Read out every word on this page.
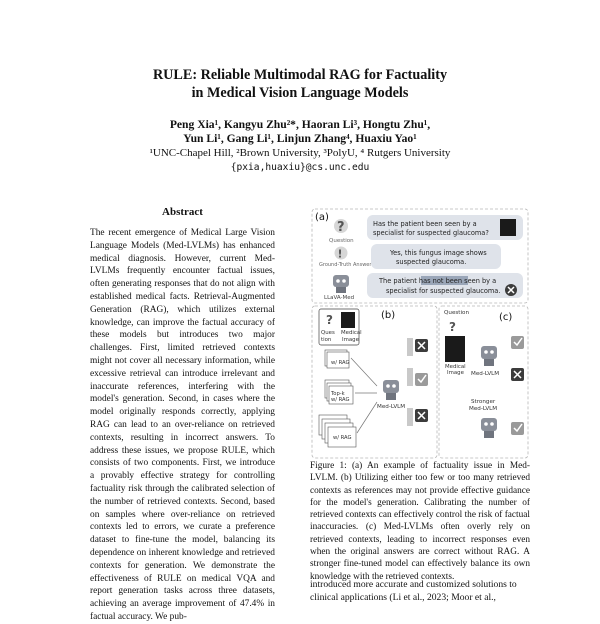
RULE: Reliable Multimodal RAG for Factuality
in Medical Vision Language Models
Peng Xia¹, Kangyu Zhu²*, Haoran Li³, Hongtu Zhu¹,
Yun Li¹, Gang Li¹, Linjun Zhang⁴, Huaxiu Yao¹
¹UNC-Chapel Hill, ²Brown University, ³PolyU, ⁴ Rutgers University
{pxia,huaxiu}@cs.unc.edu
Abstract
The recent emergence of Medical Large Vision Language Models (Med-LVLMs) has enhanced medical diagnosis. However, current Med-LVLMs frequently encounter factual issues, often generating responses that do not align with established medical facts. Retrieval-Augmented Generation (RAG), which utilizes external knowledge, can improve the factual accuracy of these models but introduces two major challenges. First, limited retrieved contexts might not cover all necessary information, while excessive retrieval can introduce irrelevant and inaccurate references, interfering with the model's generation. Second, in cases where the model originally responds correctly, applying RAG can lead to an over-reliance on retrieved contexts, resulting in incorrect answers. To address these issues, we propose RULE, which consists of two components. First, we introduce a provably effective strategy for controlling factuality risk through the calibrated selection of the number of retrieved contexts. Second, based on samples where over-reliance on retrieved contexts led to errors, we curate a preference dataset to fine-tune the model, balancing its dependence on inherent knowledge and retrieved contexts for generation. We demonstrate the effectiveness of RULE on medical VQA and report generation tasks across three datasets, achieving an average improvement of 47.4% in factual accuracy. We pub-
(a)
?
Question
!
Ground-Truth Answer
LLaVA-Med
Has the patient been seen by a
specialist for suspected glaucoma?
Yes, this fungus image shows
suspected glaucoma.
The patient has not been seen by a
specialist for suspected glaucoma.
(b)
?
Ques Medical
tion Image
w/ RAG
Top-k
w/ RAG
w/ RAG
Med-LVLM
(c)
Question
?
Medical
Image Med-LVLM
Stronger
Med-LVLM
Figure 1: (a) An example of factuality issue in Med-LVLM. (b) Utilizing either too few or too many retrieved contexts as references may not provide effective guidance for the model's generation. Calibrating the number of retrieved contexts can effectively control the risk of factual inaccuracies. (c) Med-LVLMs often overly rely on retrieved contexts, leading to incorrect responses even when the original answers are correct without RAG. A stronger fine-tuned model can effectively balance its own knowledge with the retrieved contexts.
introduced more accurate and customized solutions to clinical applications (Li et al., 2023; Moor et al.,
